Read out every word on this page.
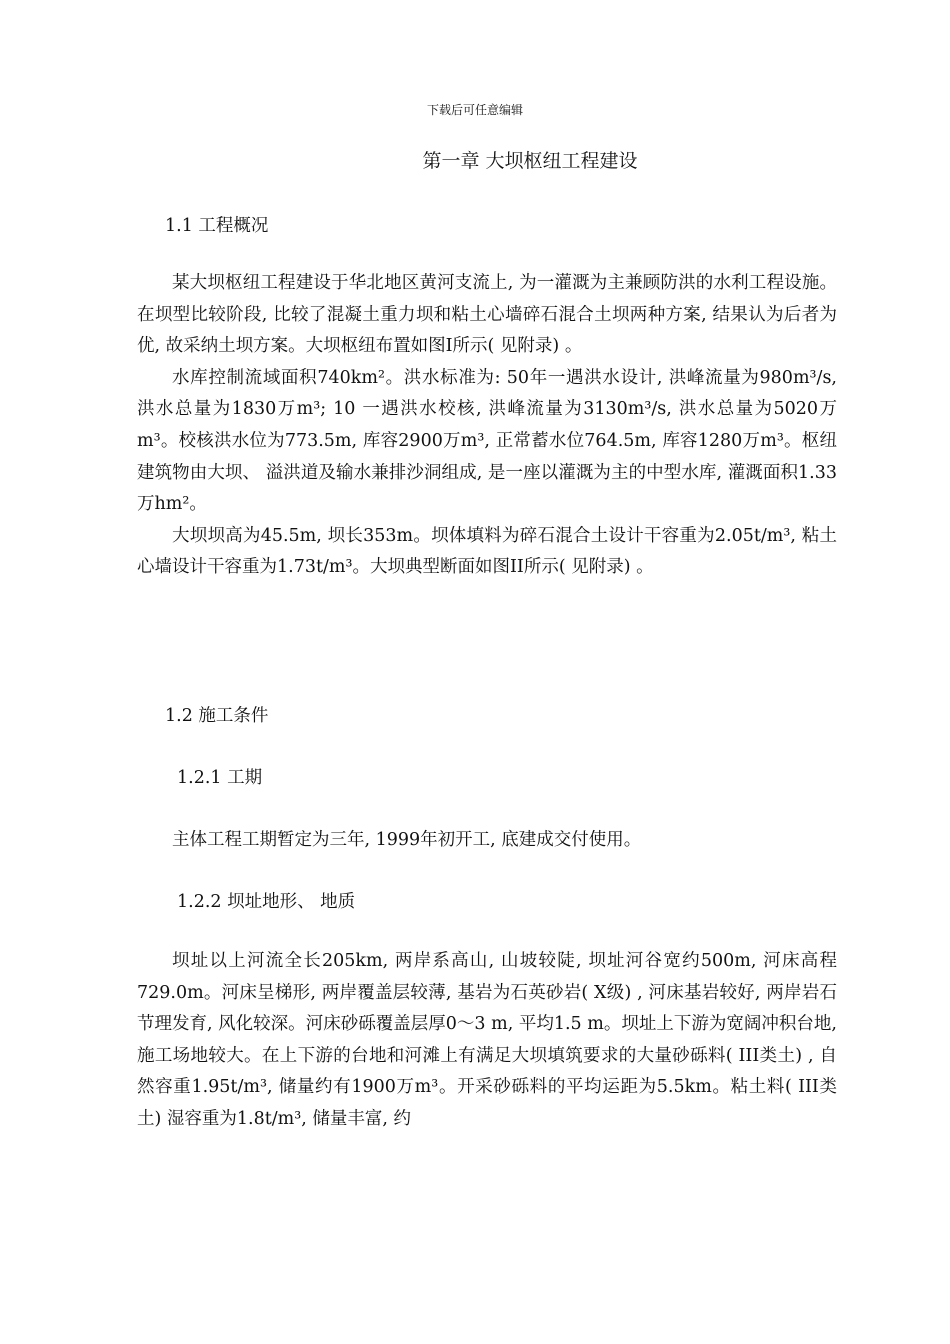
下载后可任意编辑
第一章 大坝枢纽工程建设
1.1 工程概况

某大坝枢纽工程建设于华北地区黄河支流上, 为一灌溉为主兼顾防洪的水利工程设施。在坝型比较阶段, 比较了混凝土重力坝和粘土心墙碎石混合土坝两种方案, 结果认为后者为优, 故采纳土坝方案。大坝枢纽布置如图Ⅰ所示( 见附录) 。

水库控制流域面积740km²。洪水标准为: 50年一遇洪水设计, 洪峰流量为980m³/s, 洪水总量为1830万m³; 10 一遇洪水校核, 洪峰流量为3130m³/s, 洪水总量为5020万m³。校核洪水位为773.5m, 库容2900万m³, 正常蓄水位764.5m, 库容1280万m³。枢纽建筑物由大坝、 溢洪道及输水兼排沙洞组成, 是一座以灌溉为主的中型水库, 灌溉面积1.33万hm²。

大坝坝高为45.5m, 坝长353m。坝体填料为碎石混合土设计干容重为2.05t/m³, 粘土心墙设计干容重为1.73t/m³。大坝典型断面如图II所示( 见附录) 。

1.2 施工条件
1.2.1 工期
主体工程工期暂定为三年, 1999年初开工, 底建成交付使用。
1.2.2 坝址地形、 地质

坝址以上河流全长205km, 两岸系高山, 山坡较陡, 坝址河谷宽约500m, 河床高程729.0m。河床呈梯形, 两岸覆盖层较薄, 基岩为石英砂岩( X级) , 河床基岩较好, 两岸岩石节理发育, 风化较深。河床砂砾覆盖层厚0～3 m, 平均1.5 m。坝址上下游为宽阔冲积台地, 施工场地较大。在上下游的台地和河滩上有满足大坝填筑要求的大量砂砾料( III类土) , 自然容重1.95t/m³, 储量约有1900万m³。开采砂砾料的平均运距为5.5km。粘土料( III类土) 湿容重为1.8t/m³, 储量丰富, 约
